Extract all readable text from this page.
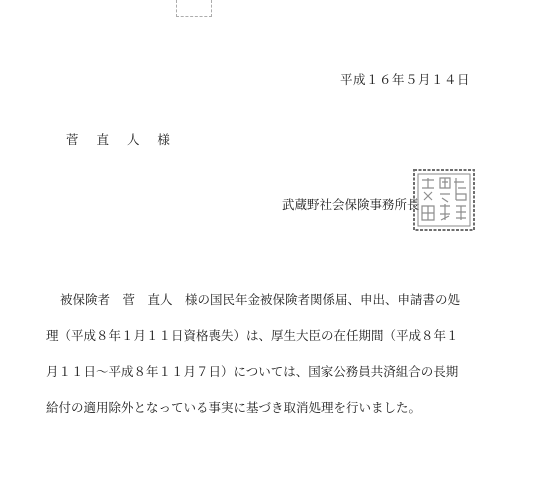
平成１６年５月１４日
菅 直 人 様
武蔵野社会保険事務所長
被保険者　菅　直人　様の国民年金被保険者関係届、申出、申請書の処
理（平成８年１月１１日資格喪失）は、厚生大臣の在任期間（平成８年１
月１１日～平成８年１１月７日）については、国家公務員共済組合の長期
給付の適用除外となっている事実に基づき取消処理を行いました。
